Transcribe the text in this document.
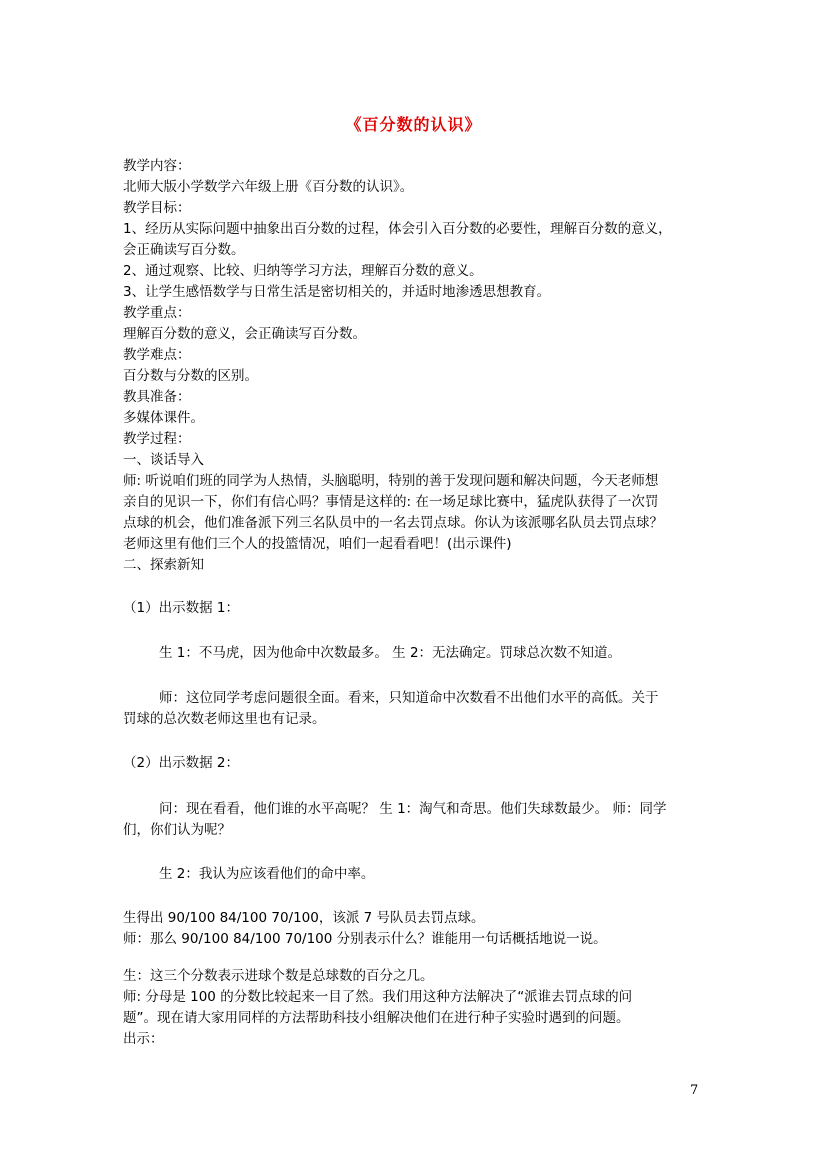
《百分数的认识》
教学内容：
北师大版小学数学六年级上册《百分数的认识》。
教学目标：
1、经历从实际问题中抽象出百分数的过程，体会引入百分数的必要性，理解百分数的意义，
会正确读写百分数。
2、通过观察、比较、归纳等学习方法，理解百分数的意义。
3、让学生感悟数学与日常生活是密切相关的，并适时地渗透思想教育。
教学重点：
理解百分数的意义，会正确读写百分数。
教学难点：
百分数与分数的区别。
教具准备：
多媒体课件。
教学过程：
一、谈话导入
师: 听说咱们班的同学为人热情，头脑聪明，特别的善于发现问题和解决问题，今天老师想
亲自的见识一下，你们有信心吗？事情是这样的: 在一场足球比赛中，猛虎队获得了一次罚
点球的机会，他们准备派下列三名队员中的一名去罚点球。你认为该派哪名队员去罚点球？
老师这里有他们三个人的投篮情况，咱们一起看看吧！(出示课件)
二、探索新知
（1）出示数据 1：
生 1：不马虎，因为他命中次数最多。 生 2：无法确定。罚球总次数不知道。
师：这位同学考虑问题很全面。看来，只知道命中次数看不出他们水平的高低。关于
罚球的总次数老师这里也有记录。
（2）出示数据 2：
问：现在看看，他们谁的水平高呢？ 生 1：淘气和奇思。他们失球数最少。 师：同学
们，你们认为呢？
生 2：我认为应该看他们的命中率。
生得出 90/100 84/100 70/100，该派 7 号队员去罚点球。
师：那么 90/100 84/100 70/100 分别表示什么？谁能用一句话概括地说一说。
生：这三个分数表示进球个数是总球数的百分之几。
师: 分母是 100 的分数比较起来一目了然。我们用这种方法解决了“派谁去罚点球的问
题”。现在请大家用同样的方法帮助科技小组解决他们在进行种子实验时遇到的问题。
出示：
7
